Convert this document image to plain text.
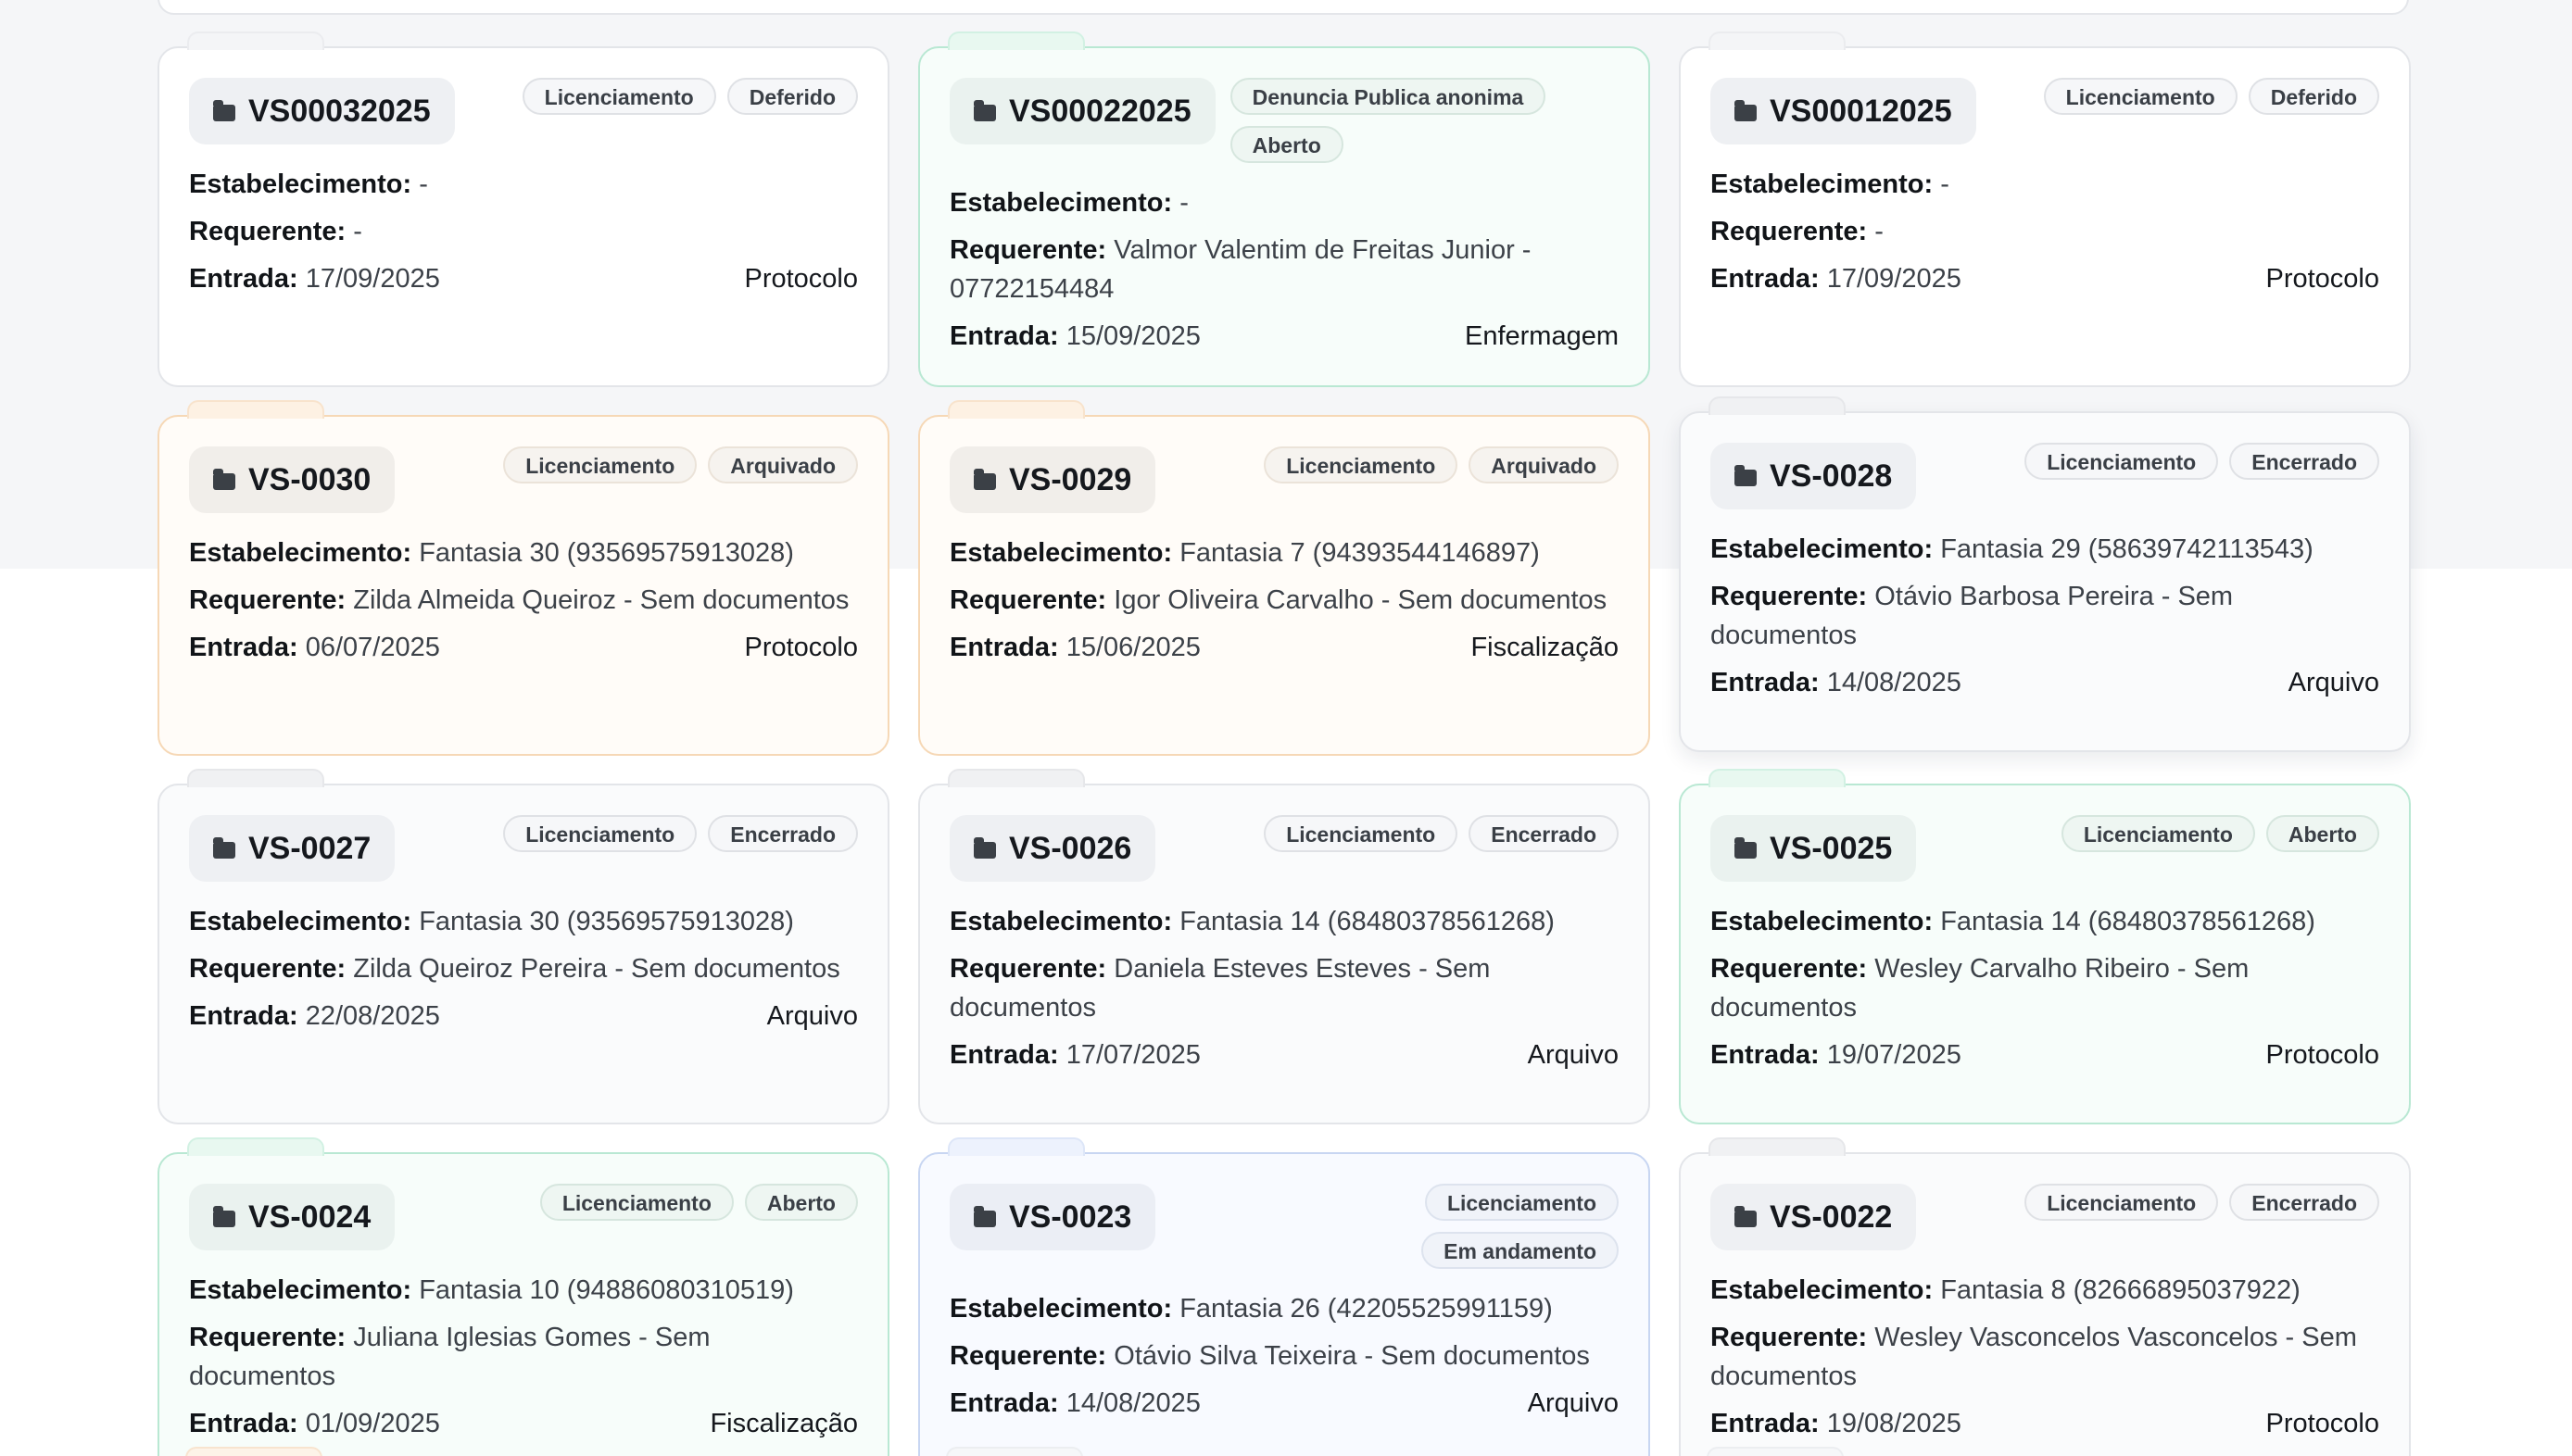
VS00032025	Licenciamento	Deferido

Estabelecimento: -

Requerente: -

Entrada: 17/09/2025	Protocolo
VS00022025	Denuncia Publica anonima
Aberto

Estabelecimento: -

Requerente: Valmor Valentim de Freitas Junior - 07722154484

Entrada: 15/09/2025	Enfermagem
VS00012025	Licenciamento	Deferido

Estabelecimento: -

Requerente: -

Entrada: 17/09/2025	Protocolo
VS-0030	Licenciamento	Arquivado

Estabelecimento: Fantasia 30 (93569575913028)

Requerente: Zilda Almeida Queiroz - Sem documentos

Entrada: 06/07/2025	Protocolo
VS-0029	Licenciamento	Arquivado

Estabelecimento: Fantasia 7 (94393544146897)

Requerente: Igor Oliveira Carvalho - Sem documentos

Entrada: 15/06/2025	Fiscalização
VS-0028	Licenciamento	Encerrado

Estabelecimento: Fantasia 29 (58639742113543)

Requerente: Otávio Barbosa Pereira - Sem documentos

Entrada: 14/08/2025	Arquivo
VS-0027	Licenciamento	Encerrado

Estabelecimento: Fantasia 30 (93569575913028)

Requerente: Zilda Queiroz Pereira - Sem documentos

Entrada: 22/08/2025	Arquivo
VS-0026	Licenciamento	Encerrado

Estabelecimento: Fantasia 14 (68480378561268)

Requerente: Daniela Esteves Esteves - Sem documentos

Entrada: 17/07/2025	Arquivo
VS-0025	Licenciamento	Aberto

Estabelecimento: Fantasia 14 (68480378561268)

Requerente: Wesley Carvalho Ribeiro - Sem documentos

Entrada: 19/07/2025	Protocolo
VS-0024	Licenciamento	Aberto

Estabelecimento: Fantasia 10 (94886080310519)

Requerente: Juliana Iglesias Gomes - Sem documentos

Entrada: 01/09/2025	Fiscalização
VS-0023	Licenciamento
Em andamento

Estabelecimento: Fantasia 26 (42205525991159)

Requerente: Otávio Silva Teixeira - Sem documentos

Entrada: 14/08/2025	Arquivo
VS-0022	Licenciamento	Encerrado

Estabelecimento: Fantasia 8 (82666895037922)

Requerente: Wesley Vasconcelos Vasconcelos - Sem documentos

Entrada: 19/08/2025	Protocolo
